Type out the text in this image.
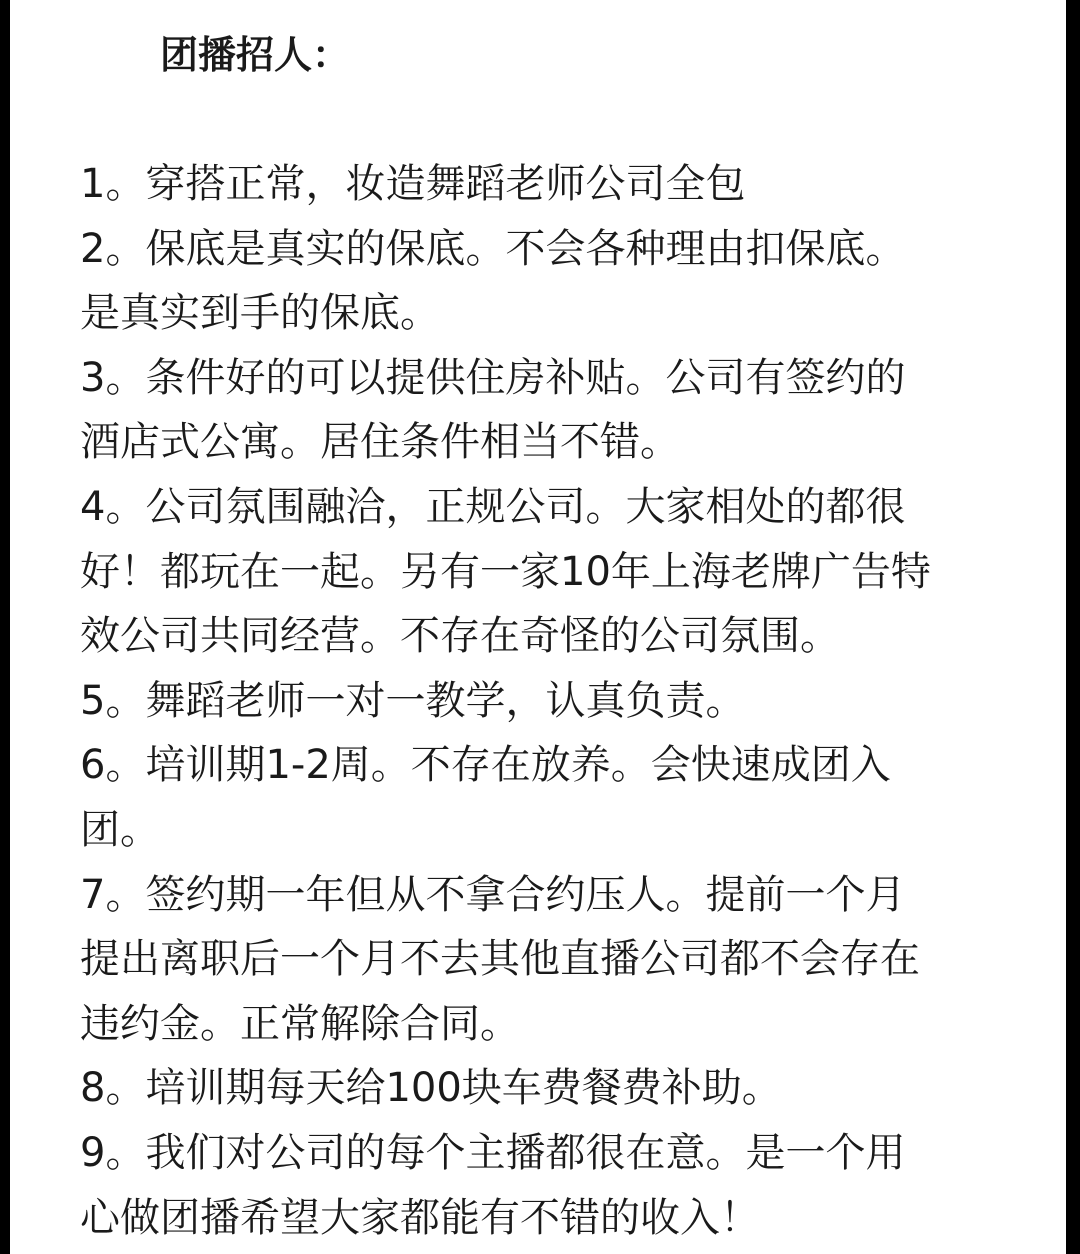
团播招人：
1。穿搭正常，妆造舞蹈老师公司全包
2。保底是真实的保底。不会各种理由扣保底。
是真实到手的保底。
3。条件好的可以提供住房补贴。公司有签约的
酒店式公寓。居住条件相当不错。
4。公司氛围融洽，正规公司。大家相处的都很
好！都玩在一起。另有一家10年上海老牌广告特
效公司共同经营。不存在奇怪的公司氛围。
5。舞蹈老师一对一教学，认真负责。
6。培训期1-2周。不存在放养。会快速成团入
团。
7。签约期一年但从不拿合约压人。提前一个月
提出离职后一个月不去其他直播公司都不会存在
违约金。正常解除合同。
8。培训期每天给100块车费餐费补助。
9。我们对公司的每个主播都很在意。是一个用
心做团播希望大家都能有不错的收入！
